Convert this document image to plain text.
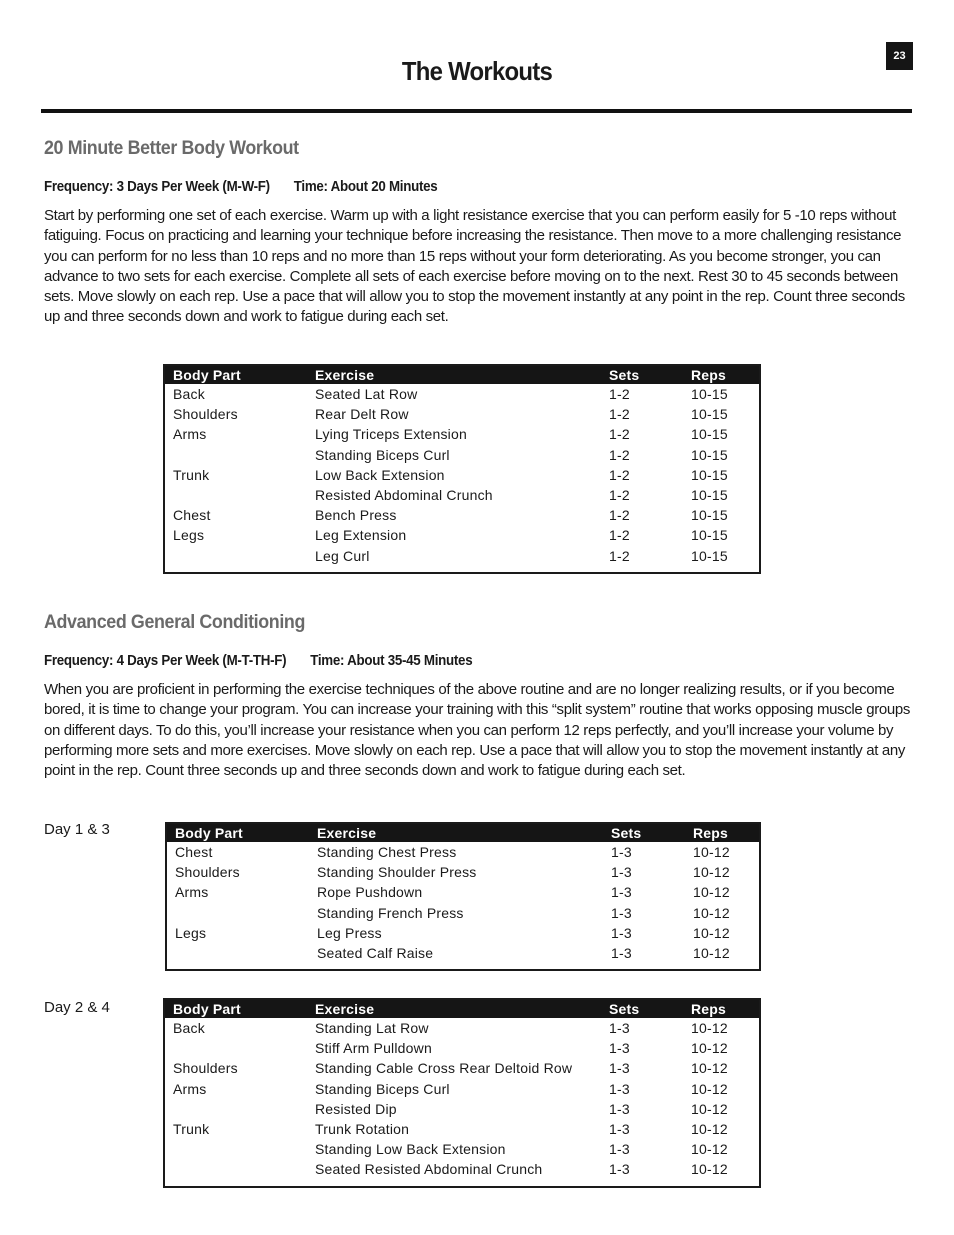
23
The Workouts
20 Minute Better Body Workout

Frequency: 3 Days Per Week (M-W-F) Time: About 20 Minutes

Start by performing one set of each exercise. Warm up with a light resistance exercise that you can perform easily for 5 -10 reps without fatiguing. Focus on practicing and learning your technique before increasing the resistance. Then move to a more challenging resistance you can perform for no less than 10 reps and no more than 15 reps without your form deteriorating. As you become stronger, you can advance to two sets for each exercise. Complete all sets of each exercise before moving on to the next. Rest 30 to 45 seconds between sets. Move slowly on each rep. Use a pace that will allow you to stop the movement instantly at any point in the rep. Count three seconds up and three seconds down and work to fatigue during each set.

Body Part	Exercise	Sets	Reps
Back	Seated Lat Row	1-2	10-15
Shoulders	Rear Delt Row	1-2	10-15
Arms	Lying Triceps Extension	1-2	10-15
	Standing Biceps Curl	1-2	10-15
Trunk	Low Back Extension	1-2	10-15
	Resisted Abdominal Crunch	1-2	10-15
Chest	Bench Press	1-2	10-15
Legs	Leg Extension	1-2	10-15
	Leg Curl	1-2	10-15

Advanced General Conditioning

Frequency: 4 Days Per Week (M-T-TH-F) Time: About 35-45 Minutes

When you are proficient in performing the exercise techniques of the above routine and are no longer realizing results, or if you become bored, it is time to change your program. You can increase your training with this “split system” routine that works opposing muscle groups on different days. To do this, you’ll increase your resistance when you can perform 12 reps perfectly, and you’ll increase your volume by performing more sets and more exercises. Move slowly on each rep. Use a pace that will allow you to stop the movement instantly at any point in the rep. Count three seconds up and three seconds down and work to fatigue during each set.

Day 1 & 3	Body Part	Exercise	Sets	Reps
Chest	Standing Chest Press	1-3	10-12
Shoulders	Standing Shoulder Press	1-3	10-12
Arms	Rope Pushdown	1-3	10-12
	Standing French Press	1-3	10-12
Legs	Leg Press	1-3	10-12
	Seated Calf Raise	1-3	10-12

Day 2 & 4	Body Part	Exercise	Sets	Reps
Back	Standing Lat Row	1-3	10-12
	Stiff Arm Pulldown	1-3	10-12
Shoulders	Standing Cable Cross Rear Deltoid Row	1-3	10-12
Arms	Standing Biceps Curl	1-3	10-12
	Resisted Dip	1-3	10-12
Trunk	Trunk Rotation	1-3	10-12
	Standing Low Back Extension	1-3	10-12
	Seated Resisted Abdominal Crunch	1-3	10-12
